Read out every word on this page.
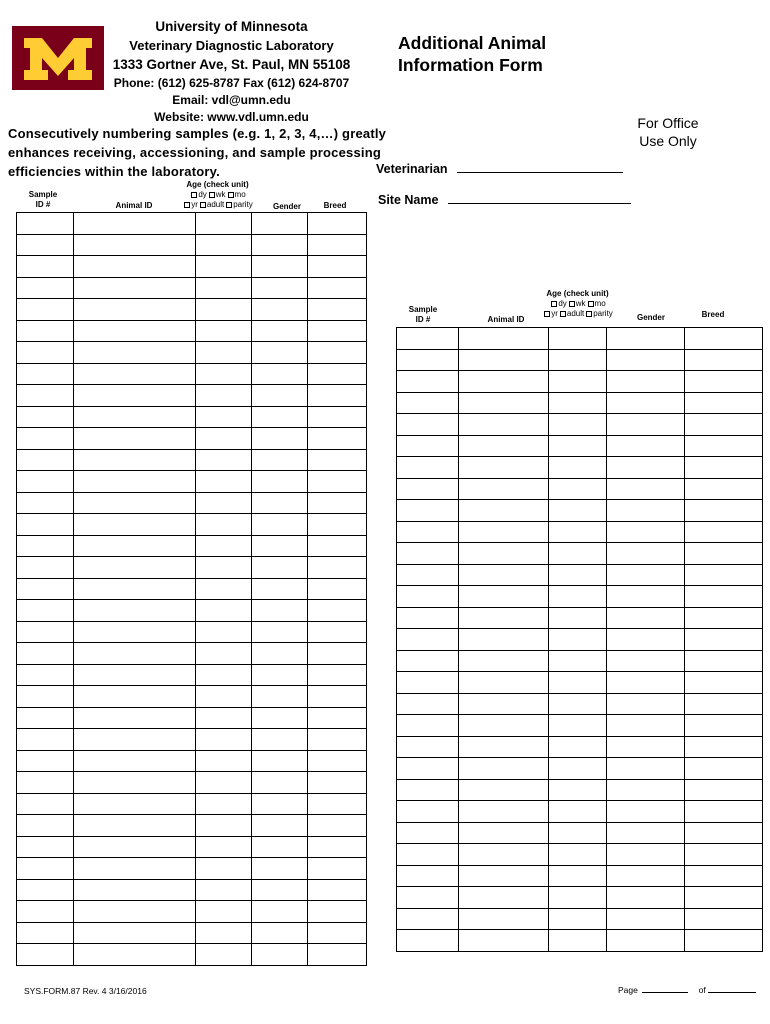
University of Minnesota
Veterinary Diagnostic Laboratory
1333 Gortner Ave, St. Paul, MN 55108
Phone: (612) 625-8787 Fax (612) 624-8707
Email: vdl@umn.edu
Website: www.vdl.umn.edu
Additional Animal
Information Form
For Office
Use Only
Consecutively numbering samples (e.g. 1, 2, 3, 4,…) greatly
enhances receiving, accessioning, and sample processing
efficiencies within the laboratory.	Veterinarian
Site Name
Sample
ID #	Animal ID
Age (check unit)
dy wk mo
yr adult parity	Gender	Breed

Sample
ID #	Animal ID
Age (check unit)
dy wk mo
yr adult parity	Gender	Breed

SYS.FORM.87 Rev. 4 3/16/2016	Page	of
